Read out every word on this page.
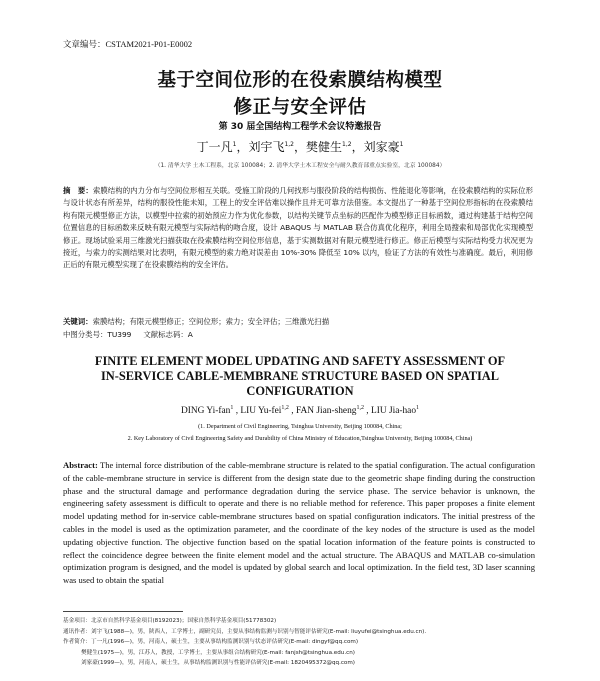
文章编号：CSTAM2021-P01-E0002
基于空间位形的在役索膜结构模型
修正与安全评估
第 30 届全国结构工程学术会议特邀报告
丁一凡$^1$，刘宇飞$^{1,2}$，樊健生$^{1,2}$，刘家豪$^1$
（1. 清华大学 土木工程系，北京 100084；2. 清华大学土木工程安全与耐久教育部重点实验室，北京 100084）
摘　要：索膜结构的内力分布与空间位形相互关联。受施工阶段的几何找形与服役阶段的结构损伤、性能退化等影响，在役索膜结构的实际位形与设计状态有所差异，结构的服役性能未知，工程上的安全评估难以操作且并无可靠方法借鉴。本文提出了一种基于空间位形指标的在役索膜结构有限元模型修正方法，以模型中拉索的初始预应力作为优化参数，以结构关键节点坐标的匹配作为模型修正目标函数，通过构建基于结构空间位置信息的目标函数来反映有限元模型与实际结构的吻合度，设计 ABAQUS 与 MATLAB 联合仿真优化程序，利用全局搜索和局部优化实现模型修正。现场试验采用三维激光扫描获取在役索膜结构空间位形信息，基于实测数据对有限元模型进行修正。修正后模型与实际结构受力状况更为接近，与索力的实测结果对比表明，有限元模型的索力绝对误差由 10%-30% 降低至 10% 以内，验证了方法的有效性与准确度。最后，利用修正后的有限元模型实现了在役索膜结构的安全评估。
关键词：索膜结构；有限元模型修正；空间位形；索力；安全评估；三维激光扫描
中图分类号：TU399 文献标志码：A
FINITE ELEMENT MODEL UPDATING AND SAFETY ASSESSMENT OF
IN-SERVICE CABLE-MEMBRANE STRUCTURE BASED ON SPATIAL
CONFIGURATION
DING Yi-fan$^1$ , LIU Yu-fei$^{1,2}$ , FAN Jian-sheng$^{1,2}$ , LIU Jia-hao$^1$
(1. Department of Civil Engineering, Tsinghua University, Beijing 100084, China;
2. Key Laboratory of Civil Engineering Safety and Durability of China Ministry of Education,Tsinghua University, Beijing 100084, China)
Abstract: The internal force distribution of the cable-membrane structure is related to the spatial configuration. The actual configuration of the cable-membrane structure in service is different from the design state due to the geometric shape finding during the construction phase and the structural damage and performance degradation during the service phase. The service behavior is unknown, the engineering safety assessment is difficult to operate and there is no reliable method for reference. This paper proposes a finite element model updating method for in-service cable-membrane structures based on spatial configuration indicators. The initial prestress of the cables in the model is used as the optimization parameter, and the coordinate of the key nodes of the structure is used as the model updating objective function. The objective function based on the spatial location information of the feature points is constructed to reflect the coincidence degree between the finite element model and the actual structure. The ABAQUS and MATLAB co-simulation optimization program is designed, and the model is updated by global search and local optimization. In the field test, 3D laser scanning was used to obtain the spatial
基金项目：北京市自然科学基金项目(8192023)；国家自然科学基金项目(51778302)
通讯作者：刘宇飞(1988—)，男，陕西人，工学博士，副研究员，主要从事结构监测与识别与智能评估研究(E-mail: liuyufei@tsinghua.edu.cn).
作者简介：丁一凡(1996—)，男，河南人，硕士生，主要从事结构监测识别与状态评估研究(E-mail: dingyf@qq.com)
樊健生(1975—)，男，江苏人，教授，工学博士，主要从事组合结构研究(E-mail: fanjsh@tsinghua.edu.cn)
刘家豪(1999—)，男，河南人，硕士生，从事结构监测识别与性能评估研究(E-mail: 1820495372@qq.com)
